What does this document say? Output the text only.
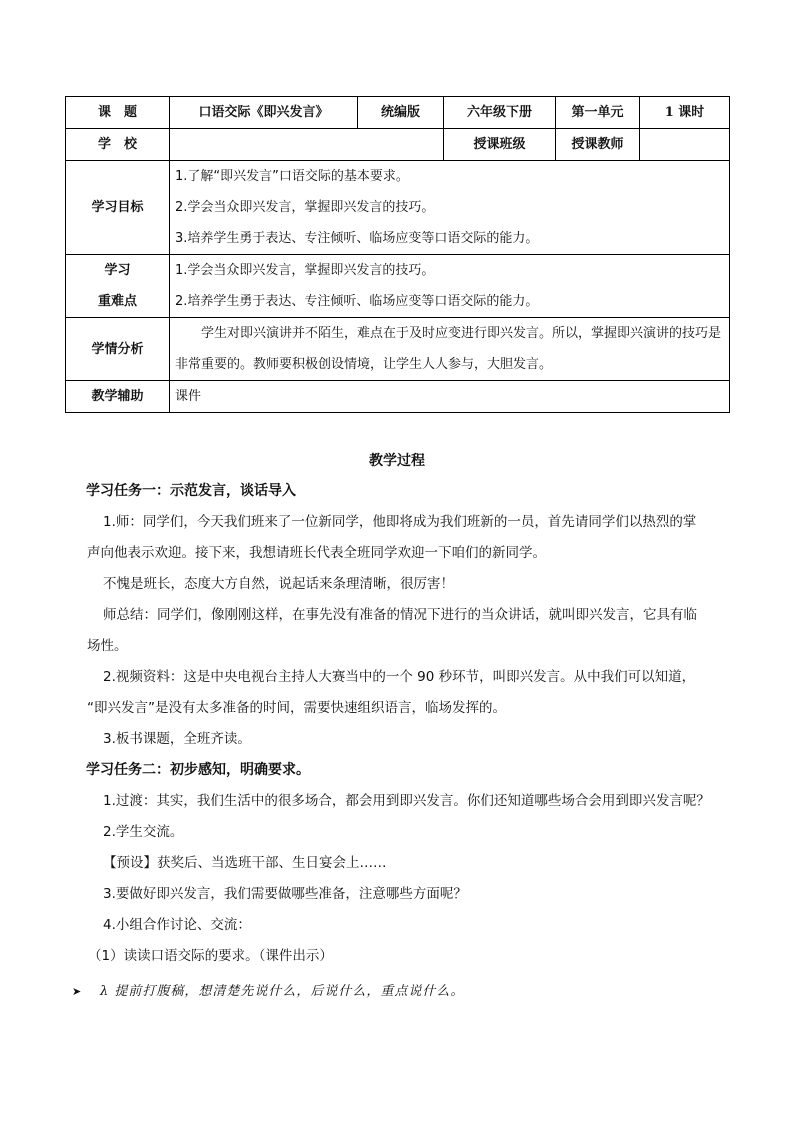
课　题	口语交际《即兴发言》	统编版	六年级下册	第一单元	1 课时
学　校			授课班级	授课教师	
学习目标	1.了解“即兴发言”口语交际的基本要求。
2.学会当众即兴发言，掌握即兴发言的技巧。
3.培养学生勇于表达、专注倾听、临场应变等口语交际的能力。				

学习
重难点	1.学会当众即兴发言，掌握即兴发言的技巧。
2.培养学生勇于表达、专注倾听、临场应变等口语交际的能力。				

学情分析	学生对即兴演讲并不陌生，难点在于及时应变进行即兴发言。所以，掌握即兴演讲的技巧是非常重要的。教师要积极创设情境，让学生人人参与，大胆发言。				

教学辅助	课件				
教学过程

学习任务一：示范发言，谈话导入

1.师：同学们，今天我们班来了一位新同学，他即将成为我们班新的一员，首先请同学们以热烈的掌

声向他表示欢迎。接下来，我想请班长代表全班同学欢迎一下咱们的新同学。

不愧是班长，态度大方自然，说起话来条理清晰，很厉害！

师总结：同学们，像刚刚这样，在事先没有准备的情况下进行的当众讲话，就叫即兴发言，它具有临

场性。

2.视频资料：这是中央电视台主持人大赛当中的一个 90 秒环节，叫即兴发言。从中我们可以知道，

“即兴发言”是没有太多准备的时间，需要快速组织语言，临场发挥的。

3.板书课题，全班齐读。

学习任务二：初步感知，明确要求。

1.过渡：其实，我们生活中的很多场合，都会用到即兴发言。你们还知道哪些场合会用到即兴发言呢？

2.学生交流。

【预设】获奖后、当选班干部、生日宴会上……

3.要做好即兴发言，我们需要做哪些准备，注意哪些方面呢？

4.小组合作讨论、交流：

（1）读读口语交际的要求。（课件出示）

➤ λ 提前打腹稿，想清楚先说什么，后说什么，重点说什么。
